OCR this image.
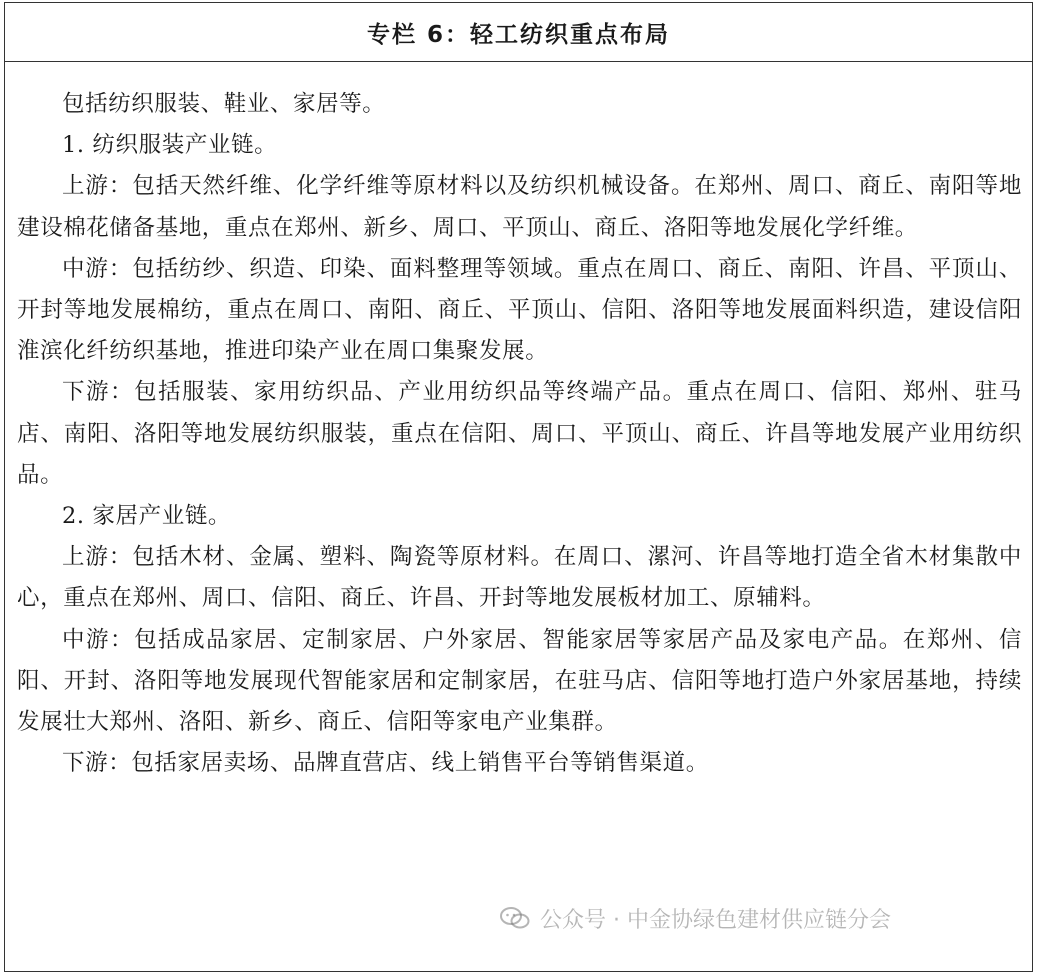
专栏 6：轻工纺织重点布局

包括纺织服装、鞋业、家居等。

1. 纺织服装产业链。

上游：包括天然纤维、化学纤维等原材料以及纺织机械设备。在郑州、周口、商丘、南阳等地建设棉花储备基地，重点在郑州、新乡、周口、平顶山、商丘、洛阳等地发展化学纤维。

中游：包括纺纱、织造、印染、面料整理等领域。重点在周口、商丘、南阳、许昌、平顶山、开封等地发展棉纺，重点在周口、南阳、商丘、平顶山、信阳、洛阳等地发展面料织造，建设信阳淮滨化纤纺织基地，推进印染产业在周口集聚发展。

下游：包括服装、家用纺织品、产业用纺织品等终端产品。重点在周口、信阳、郑州、驻马店、南阳、洛阳等地发展纺织服装，重点在信阳、周口、平顶山、商丘、许昌等地发展产业用纺织品。

2. 家居产业链。

上游：包括木材、金属、塑料、陶瓷等原材料。在周口、漯河、许昌等地打造全省木材集散中心，重点在郑州、周口、信阳、商丘、许昌、开封等地发展板材加工、原辅料。

中游：包括成品家居、定制家居、户外家居、智能家居等家居产品及家电产品。在郑州、信阳、开封、洛阳等地发展现代智能家居和定制家居，在驻马店、信阳等地打造户外家居基地，持续发展壮大郑州、洛阳、新乡、商丘、信阳等家电产业集群。

下游：包括家居卖场、品牌直营店、线上销售平台等销售渠道。

公众号 · 中金协绿色建材供应链分会
